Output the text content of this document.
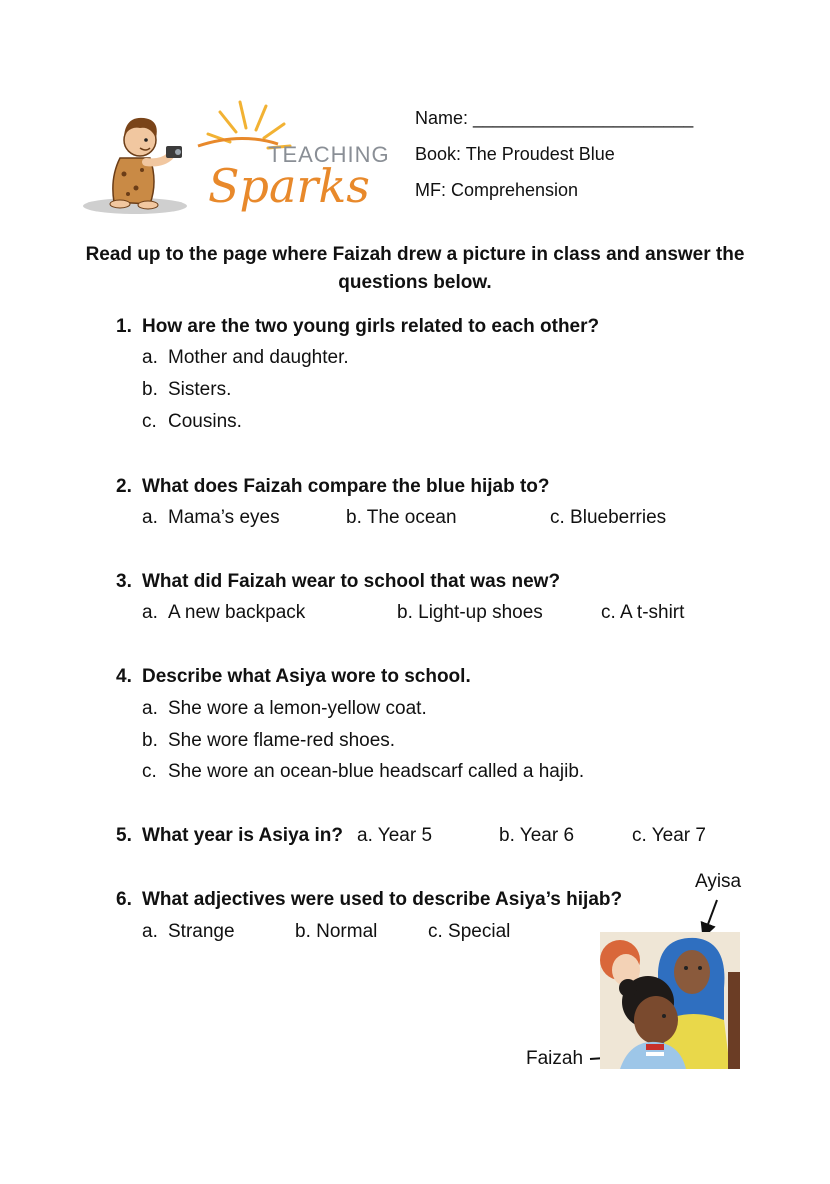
TEACHING
Sparks
Name: ______________________
Book: The Proudest Blue
MF: Comprehension
Read up to the page where Faizah drew a picture in class and answer the questions below.
1. How are the two young girls related to each other?
a. Mother and daughter.
b. Sisters.
c. Cousins.
2. What does Faizah compare the blue hijab to?
a. Mama’s eyes	b. The ocean	c. Blueberries
3. What did Faizah wear to school that was new?
a. A new backpack	b. Light-up shoes	c. A t-shirt
4. Describe what Asiya wore to school.
a. She wore a lemon-yellow coat.
b. She wore flame-red shoes.
c. She wore an ocean-blue headscarf called a hajib.
5. What year is Asiya in? a. Year 5	b. Year 6	c. Year 7
6. What adjectives were used to describe Asiya’s hijab?
a. Strange	b. Normal	c. Special
Ayisa
Faizah
